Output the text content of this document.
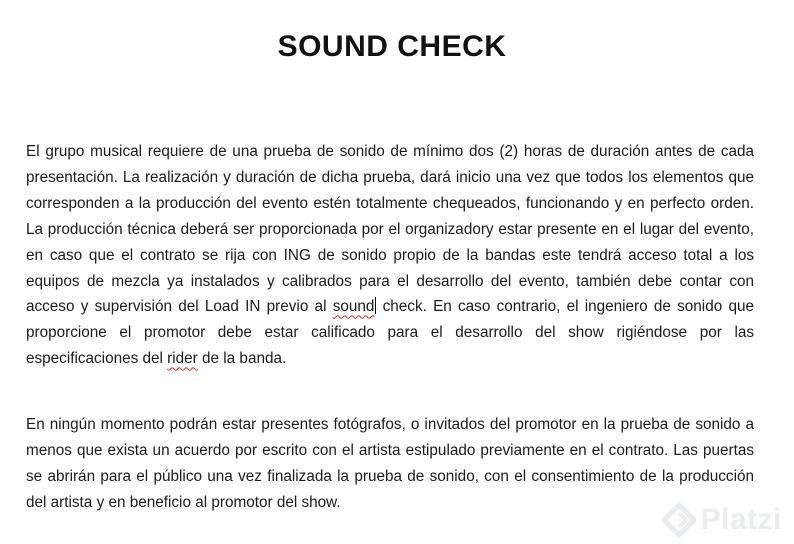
SOUND CHECK
El grupo musical requiere de una prueba de sonido de mínimo dos (2) horas de duración antes de cada presentación. La realización y duración de dicha prueba, dará inicio una vez que todos los elementos que corresponden a la producción del evento estén totalmente chequeados, funcionando y en perfecto orden. La producción técnica deberá ser proporcionada por el organizadory estar presente en el lugar del evento, en caso que el contrato se rija con ING de sonido propio de la bandas este tendrá acceso total a los equipos de mezcla ya instalados y calibrados para el desarrollo del evento, también debe contar con acceso y supervisión del Load IN previo al sound check. En caso contrario, el ingeniero de sonido que proporcione el promotor debe estar calificado para el desarrollo del show rigiéndose por las especificaciones del rider de la banda.
En ningún momento podrán estar presentes fotógrafos, o invitados del promotor en la prueba de sonido a menos que exista un acuerdo por escrito con el artista estipulado previamente en el contrato. Las puertas se abrirán para el público una vez finalizada la prueba de sonido, con el consentimiento de la producción del artista y en beneficio al promotor del show.
Platzi
